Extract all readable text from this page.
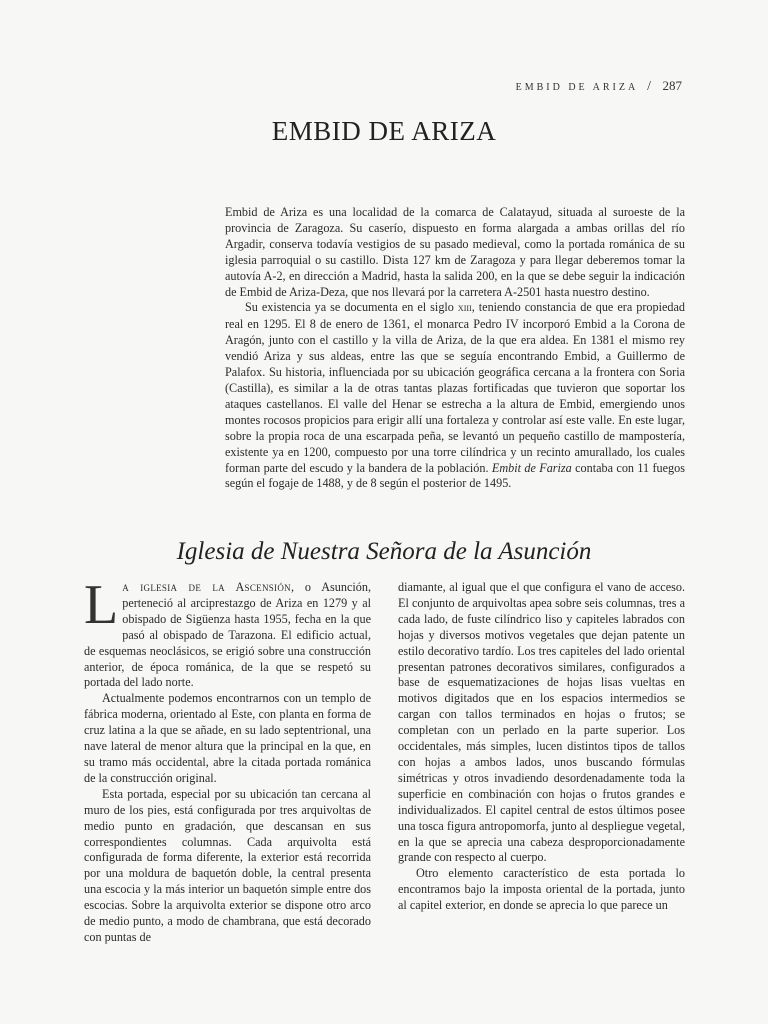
EMBID DE ARIZA / 287
EMBID DE ARIZA

Embid de Ariza es una localidad de la comarca de Calatayud, situada al suroeste de la provincia de Zaragoza. Su caserío, dispuesto en forma alargada a ambas orillas del río Argadir, conserva todavía vestigios de su pasado medieval, como la portada románica de su iglesia parroquial o su castillo. Dista 127 km de Zaragoza y para llegar deberemos tomar la autovía A-2, en dirección a Madrid, hasta la salida 200, en la que se debe seguir la indicación de Embid de Ariza-Deza, que nos llevará por la carretera A-2501 hasta nuestro destino.

Su existencia ya se documenta en el siglo xiii, teniendo constancia de que era propiedad real en 1295. El 8 de enero de 1361, el monarca Pedro IV incorporó Embid a la Corona de Aragón, junto con el castillo y la villa de Ariza, de la que era aldea. En 1381 el mismo rey vendió Ariza y sus aldeas, entre las que se seguía encontrando Embid, a Guillermo de Palafox. Su historia, influenciada por su ubicación geográfica cercana a la frontera con Soria (Castilla), es similar a la de otras tantas plazas fortificadas que tuvieron que soportar los ataques castellanos. El valle del Henar se estrecha a la altura de Embid, emergiendo unos montes rocosos propicios para erigir allí una fortaleza y controlar así este valle. En este lugar, sobre la propia roca de una escarpada peña, se levantó un pequeño castillo de mampostería, existente ya en 1200, compuesto por una torre cilíndrica y un recinto amurallado, los cuales forman parte del escudo y la bandera de la población. Embit de Fariza contaba con 11 fuegos según el fogaje de 1488, y de 8 según el posterior de 1495.

Iglesia de Nuestra Señora de la Asunción

La iglesia de la Ascensión, o Asunción, perteneció al arciprestazgo de Ariza en 1279 y al obispado de Sigüenza hasta 1955, fecha en la que pasó al obispado de Tarazona. El edificio actual, de esquemas neoclásicos, se erigió sobre una construcción anterior, de época románica, de la que se respetó su portada del lado norte.

Actualmente podemos encontrarnos con un templo de fábrica moderna, orientado al Este, con planta en forma de cruz latina a la que se añade, en su lado septentrional, una nave lateral de menor altura que la principal en la que, en su tramo más occidental, abre la citada portada románica de la construcción original.

Esta portada, especial por su ubicación tan cercana al muro de los pies, está configurada por tres arquivoltas de medio punto en gradación, que descansan en sus correspondientes columnas. Cada arquivolta está configurada de forma diferente, la exterior está recorrida por una moldura de baquetón doble, la central presenta una escocia y la más interior un baquetón simple entre dos escocias. Sobre la arquivolta exterior se dispone otro arco de medio punto, a modo de chambrana, que está decorado con puntas de

diamante, al igual que el que configura el vano de acceso. El conjunto de arquivoltas apea sobre seis columnas, tres a cada lado, de fuste cilíndrico liso y capiteles labrados con hojas y diversos motivos vegetales que dejan patente un estilo decorativo tardío. Los tres capiteles del lado oriental presentan patrones decorativos similares, configurados a base de esquematizaciones de hojas lisas vueltas en motivos digitados que en los espacios intermedios se cargan con tallos terminados en hojas o frutos; se completan con un perlado en la parte superior. Los occidentales, más simples, lucen distintos tipos de tallos con hojas a ambos lados, unos buscando fórmulas simétricas y otros invadiendo desordenadamente toda la superficie en combinación con hojas o frutos grandes e individualizados. El capitel central de estos últimos posee una tosca figura antropomorfa, junto al despliegue vegetal, en la que se aprecia una cabeza desproporcionadamente grande con respecto al cuerpo.

Otro elemento característico de esta portada lo encontramos bajo la imposta oriental de la portada, junto al capitel exterior, en donde se aprecia lo que parece un
